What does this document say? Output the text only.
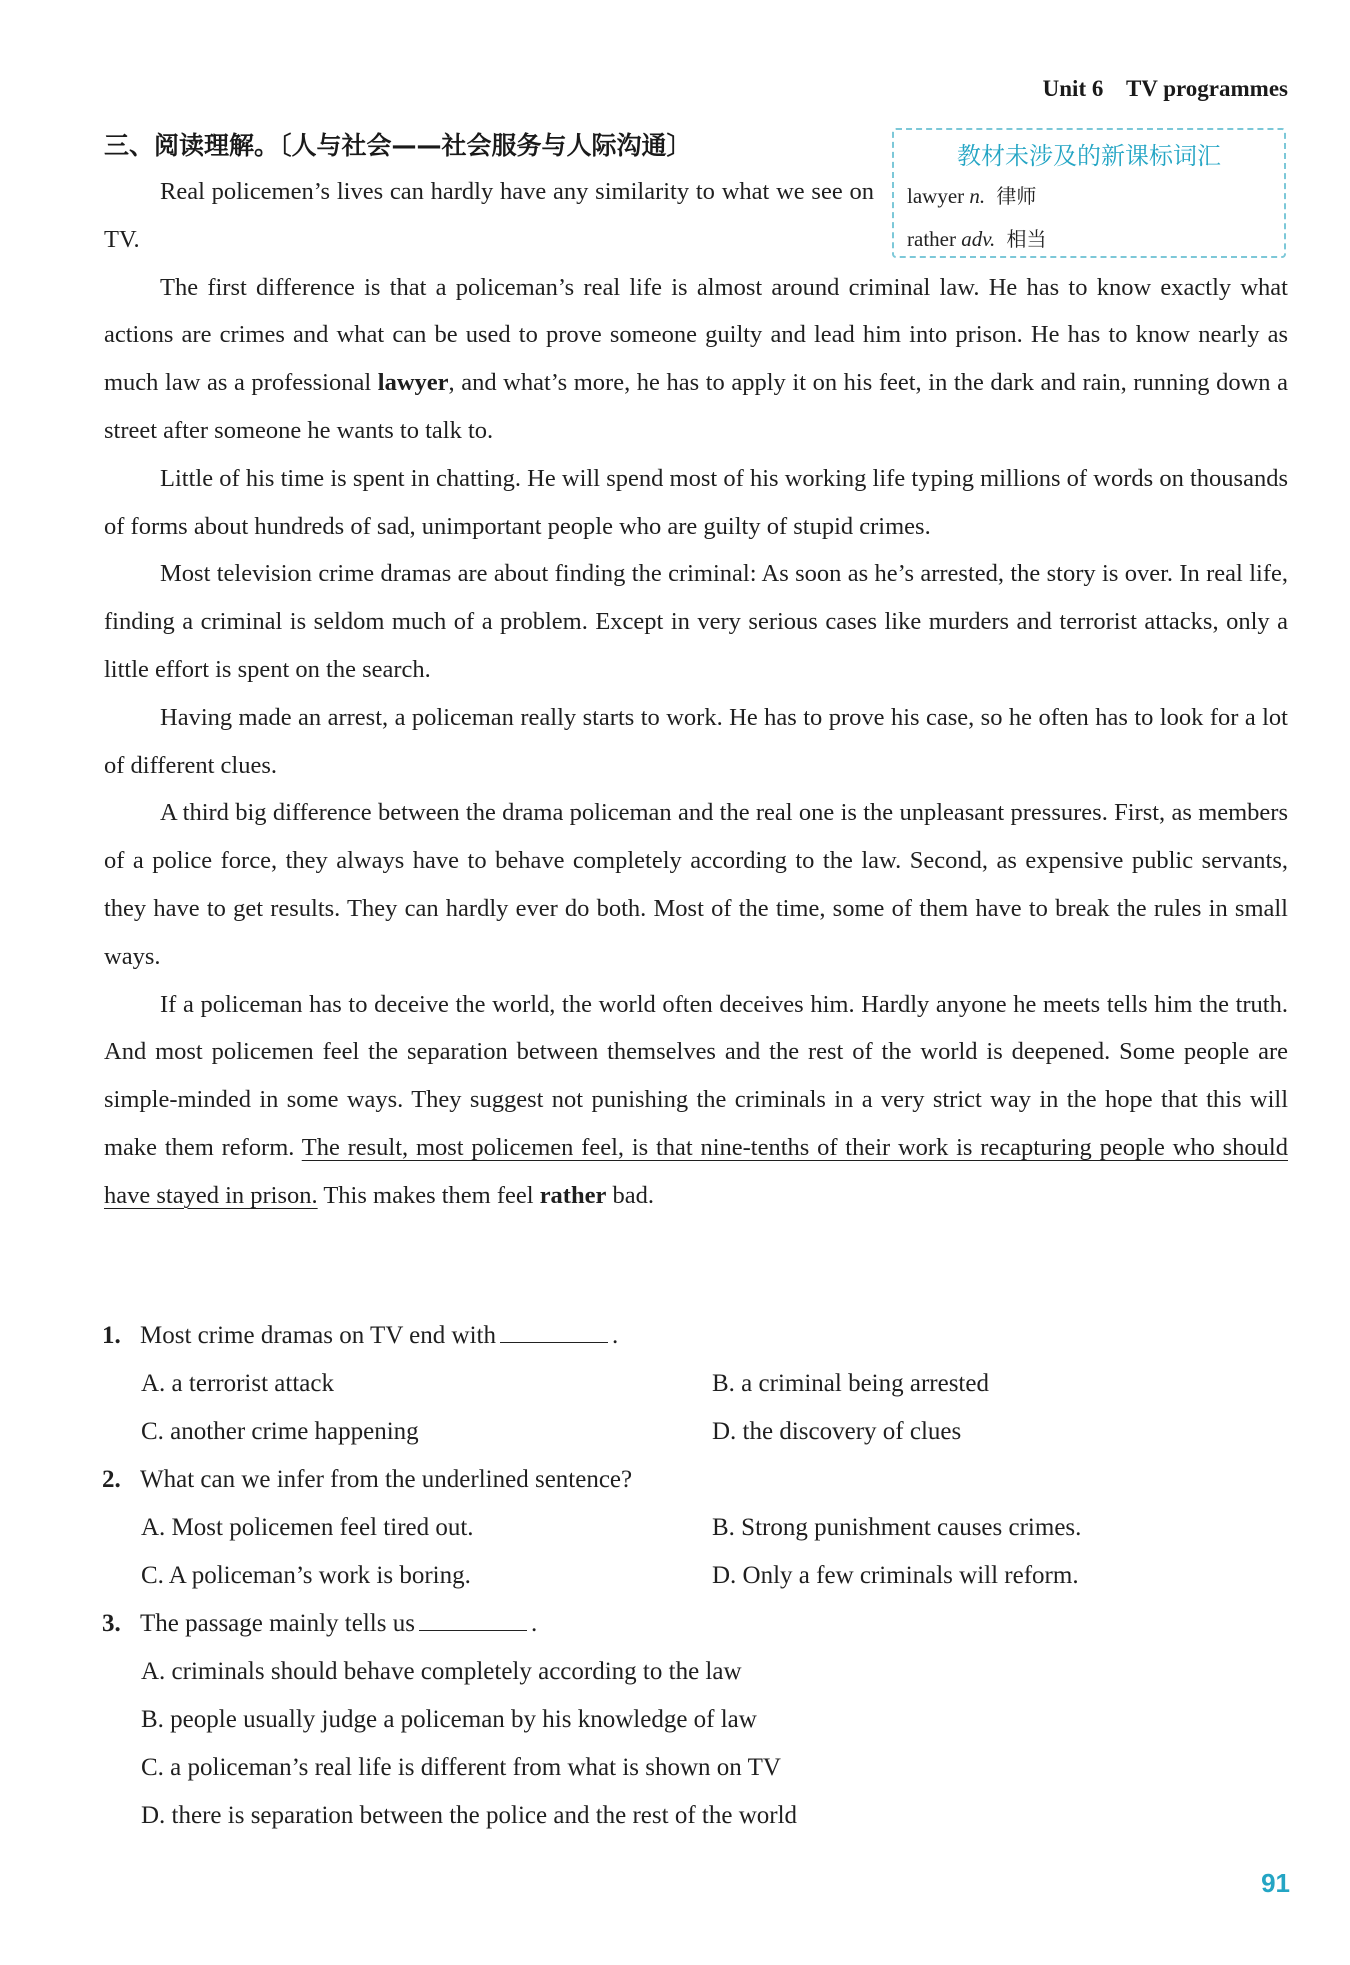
Unit 6    TV programmes
三、阅读理解。〔人与社会——社会服务与人际沟通〕	教材未涉及的新课标词汇
lawyer n. 律师
rather adv. 相当

Real policemen’s lives can hardly have any similarity to what we see on TV.

The first difference is that a policeman’s real life is almost around criminal law. He has to know exactly what actions are crimes and what can be used to prove someone guilty and lead him into prison. He has to know nearly as much law as a professional lawyer, and what’s more, he has to apply it on his feet, in the dark and rain, running down a street after someone he wants to talk to.

Little of his time is spent in chatting. He will spend most of his working life typing millions of words on thousands of forms about hundreds of sad, unimportant people who are guilty of stupid crimes.

Most television crime dramas are about finding the criminal: As soon as he’s arrested, the story is over. In real life, finding a criminal is seldom much of a problem. Except in very serious cases like murders and terrorist attacks, only a little effort is spent on the search.

Having made an arrest, a policeman really starts to work. He has to prove his case, so he often has to look for a lot of different clues.

A third big difference between the drama policeman and the real one is the unpleasant pressures. First, as members of a police force, they always have to behave completely according to the law. Second, as expensive public servants, they have to get results. They can hardly ever do both. Most of the time, some of them have to break the rules in small ways.

If a policeman has to deceive the world, the world often deceives him. Hardly anyone he meets tells him the truth. And most policemen feel the separation between themselves and the rest of the world is deepened. Some people are simple-minded in some ways. They suggest not punishing the criminals in a very strict way in the hope that this will make them reform. The result, most policemen feel, is that nine-tenths of their work is recapturing people who should have stayed in prison. This makes them feel rather bad.

1. Most crime dramas on TV end with	.
A. a terrorist attack	B. a criminal being arrested
C. another crime happening	D. the discovery of clues
2. What can we infer from the underlined sentence?
A. Most policemen feel tired out.	B. Strong punishment causes crimes.
C. A policeman’s work is boring.	D. Only a few criminals will reform.
3. The passage mainly tells us	.
A. criminals should behave completely according to the law
B. people usually judge a policeman by his knowledge of law
C. a policeman’s real life is different from what is shown on TV
D. there is separation between the police and the rest of the world
91
